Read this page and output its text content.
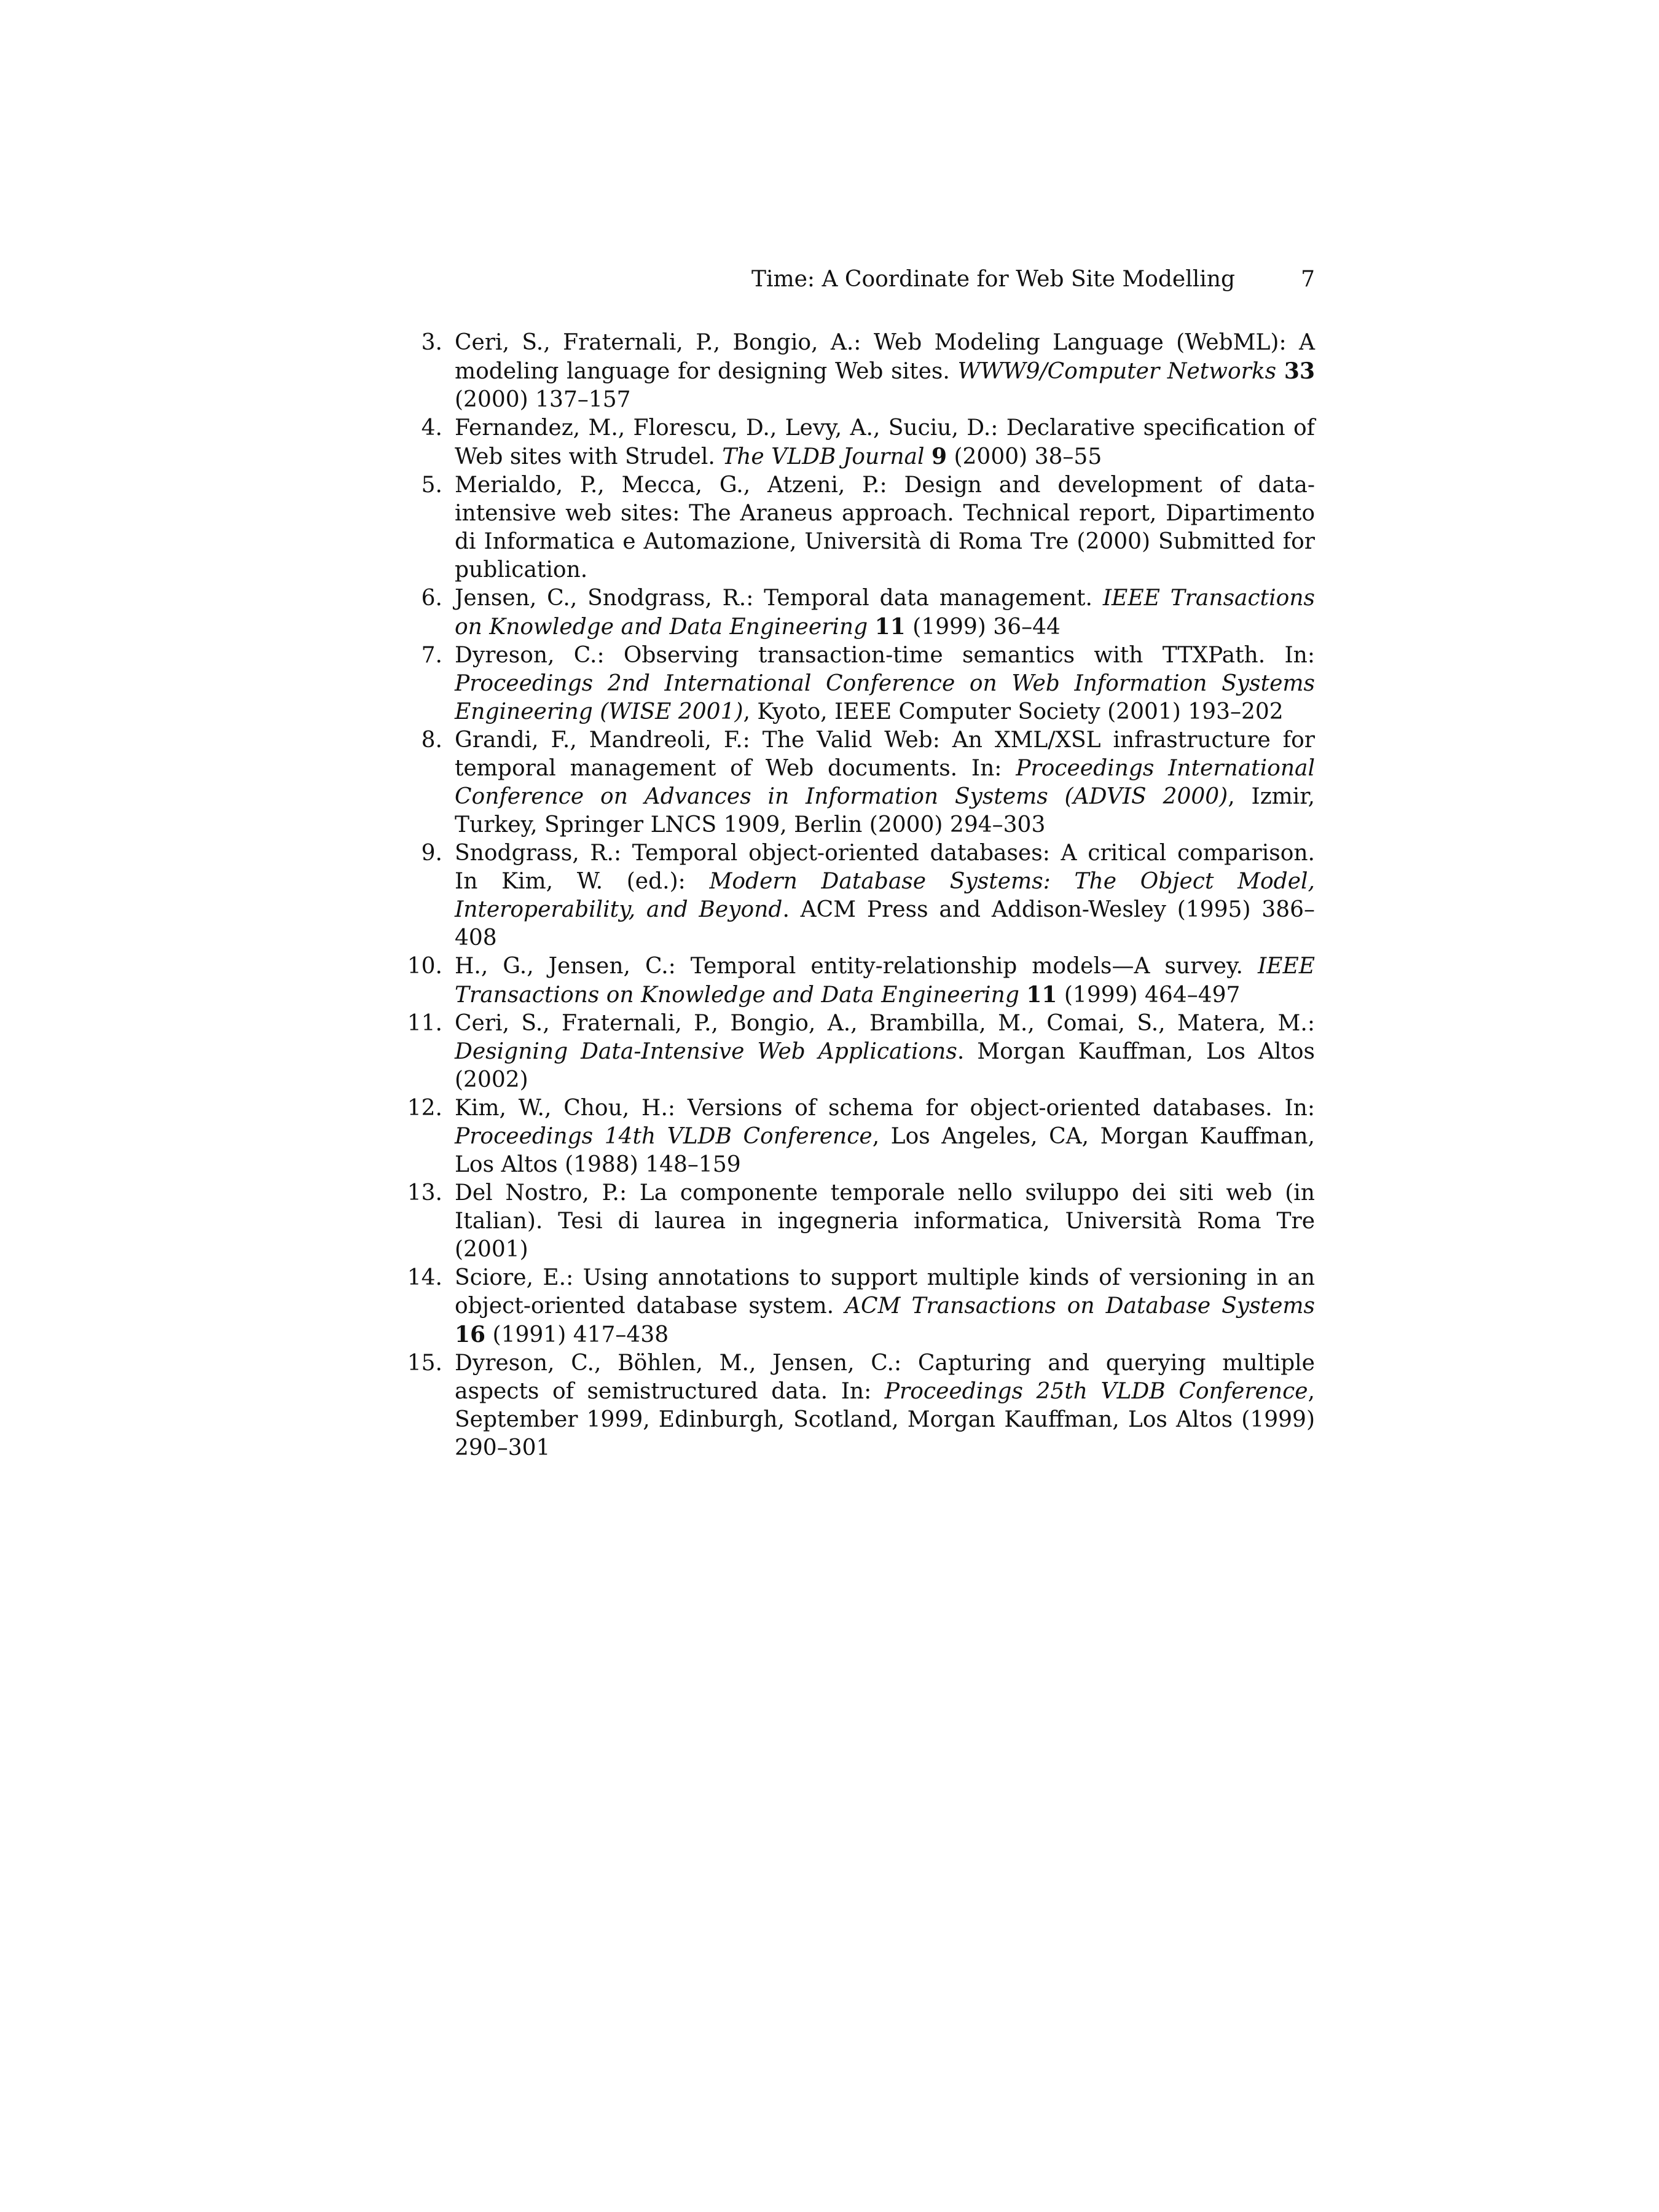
Time: A Coordinate for Web Site Modelling	7
3. Ceri, S., Fraternali, P., Bongio, A.: Web Modeling Language (WebML): A modeling language for designing Web sites. WWW9/Computer Networks 33 (2000) 137–157
4. Fernandez, M., Florescu, D., Levy, A., Suciu, D.: Declarative specification of Web sites with Strudel. The VLDB Journal 9 (2000) 38–55
5. Merialdo, P., Mecca, G., Atzeni, P.: Design and development of data-intensive web sites: The Araneus approach. Technical report, Dipartimento di Informatica e Automazione, Università di Roma Tre (2000) Submitted for publication.
6. Jensen, C., Snodgrass, R.: Temporal data management. IEEE Transactions on Knowledge and Data Engineering 11 (1999) 36–44
7. Dyreson, C.: Observing transaction-time semantics with TTXPath. In: Proceedings 2nd International Conference on Web Information Systems Engineering (WISE 2001), Kyoto, IEEE Computer Society (2001) 193–202
8. Grandi, F., Mandreoli, F.: The Valid Web: An XML/XSL infrastructure for temporal management of Web documents. In: Proceedings International Conference on Advances in Information Systems (ADVIS 2000), Izmir, Turkey, Springer LNCS 1909, Berlin (2000) 294–303
9. Snodgrass, R.: Temporal object-oriented databases: A critical comparison. In Kim, W. (ed.): Modern Database Systems: The Object Model, Interoperability, and Beyond. ACM Press and Addison-Wesley (1995) 386–408
10. H., G., Jensen, C.: Temporal entity-relationship models—A survey. IEEE Transactions on Knowledge and Data Engineering 11 (1999) 464–497
11. Ceri, S., Fraternali, P., Bongio, A., Brambilla, M., Comai, S., Matera, M.: Designing Data-Intensive Web Applications. Morgan Kauffman, Los Altos (2002)
12. Kim, W., Chou, H.: Versions of schema for object-oriented databases. In: Proceedings 14th VLDB Conference, Los Angeles, CA, Morgan Kauffman, Los Altos (1988) 148–159
13. Del Nostro, P.: La componente temporale nello sviluppo dei siti web (in Italian). Tesi di laurea in ingegneria informatica, Università Roma Tre (2001)
14. Sciore, E.: Using annotations to support multiple kinds of versioning in an object-oriented database system. ACM Transactions on Database Systems 16 (1991) 417–438
15. Dyreson, C., Böhlen, M., Jensen, C.: Capturing and querying multiple aspects of semistructured data. In: Proceedings 25th VLDB Conference, September 1999, Edinburgh, Scotland, Morgan Kauffman, Los Altos (1999) 290–301
